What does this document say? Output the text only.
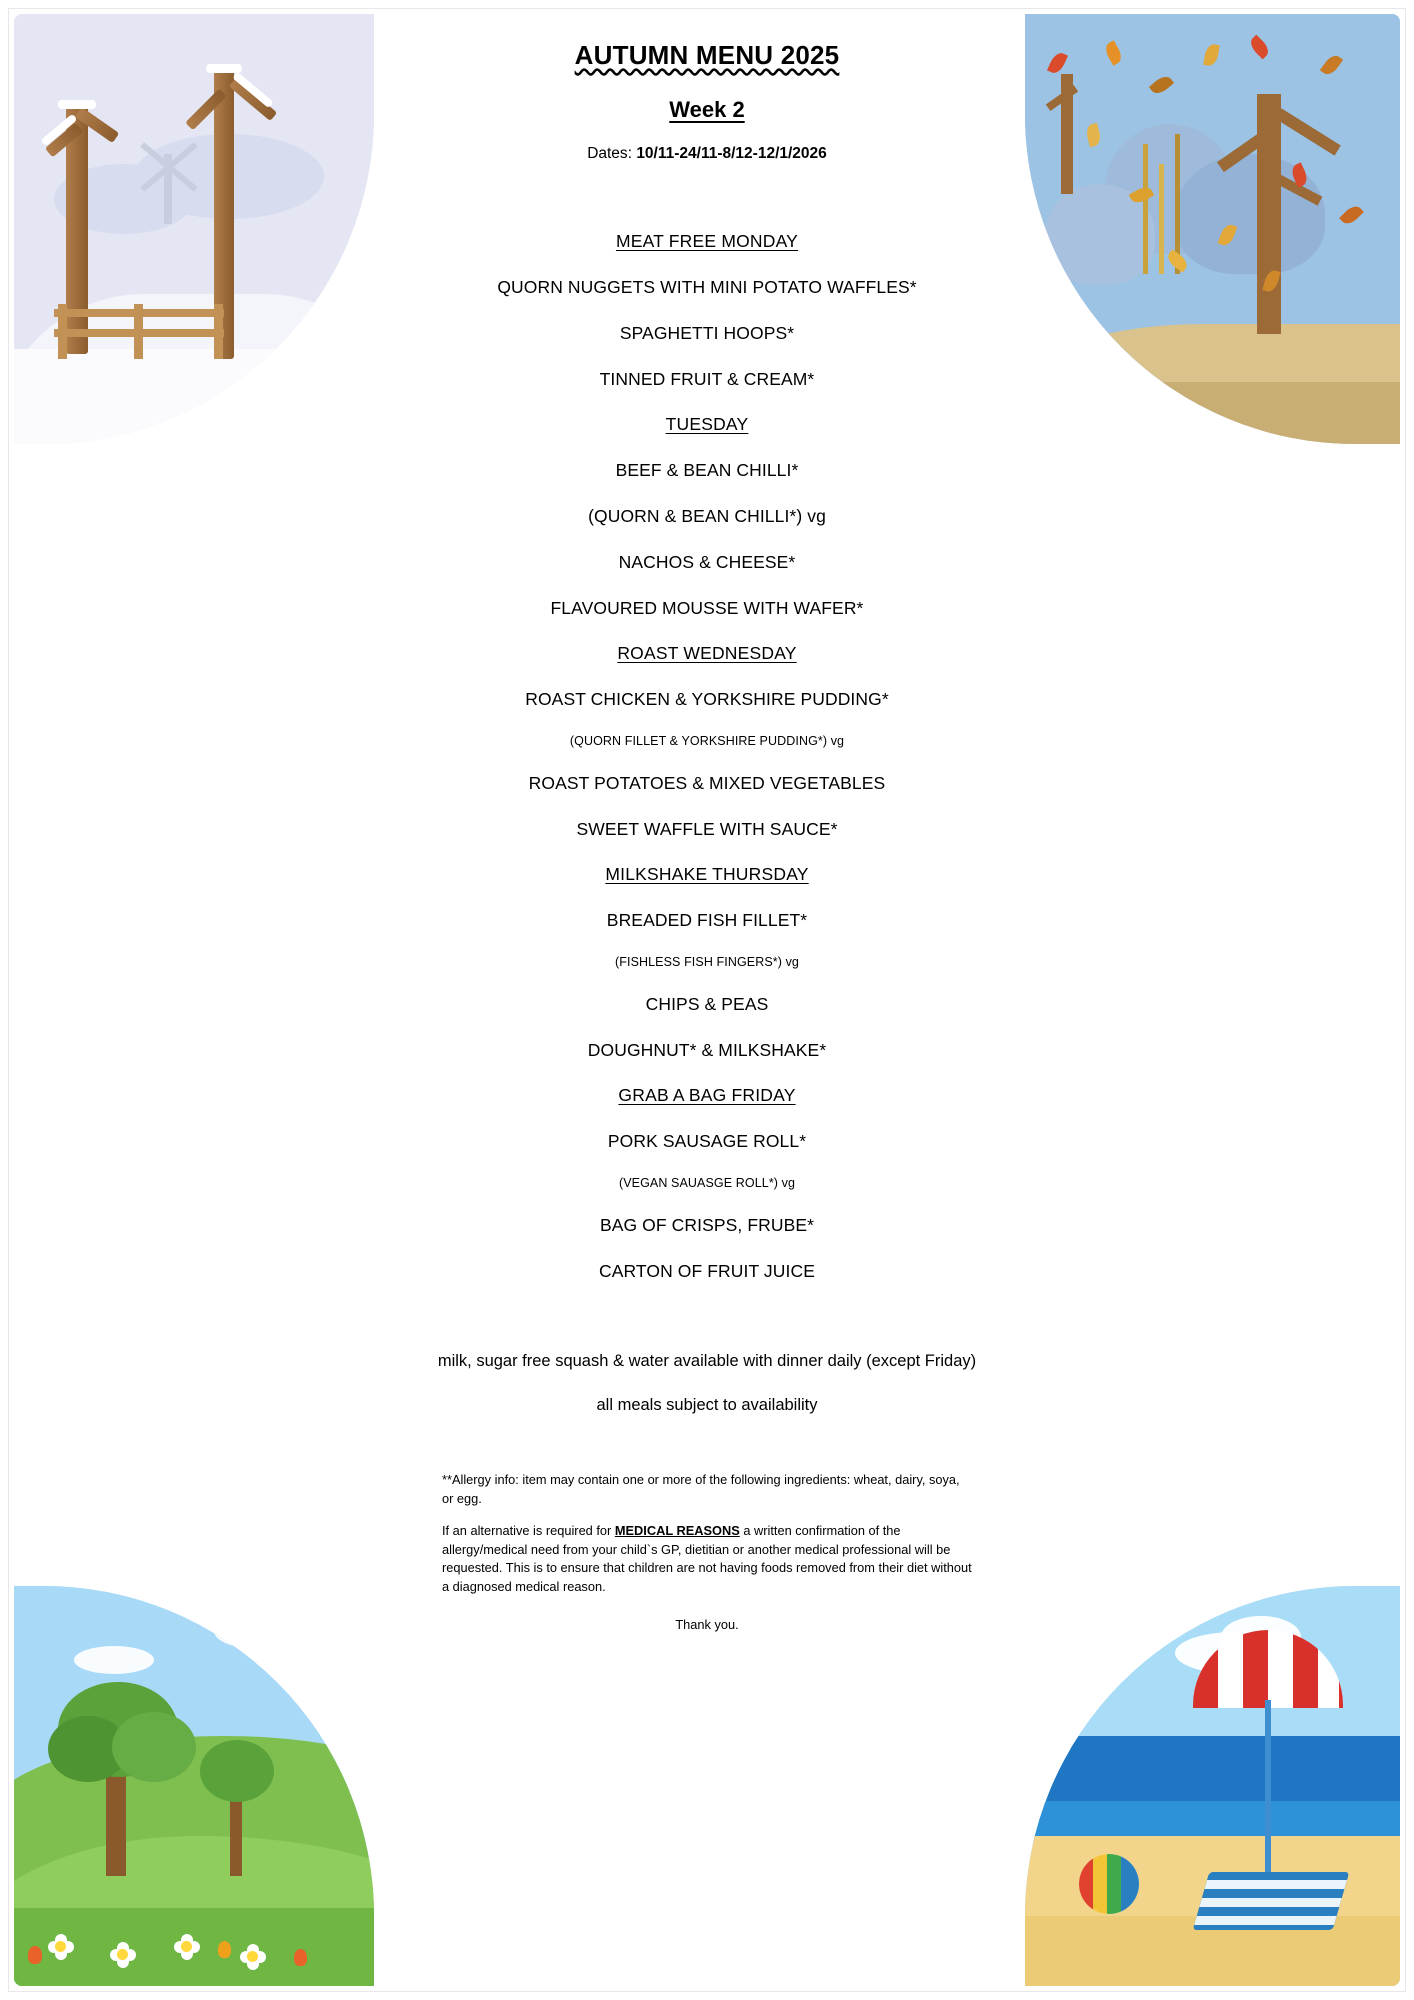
AUTUMN MENU 2025
Week 2
Dates: 10/11-24/11-8/12-12/1/2026
MEAT FREE MONDAY
QUORN NUGGETS WITH MINI POTATO WAFFLES*
SPAGHETTI HOOPS*
TINNED FRUIT & CREAM*
TUESDAY
BEEF & BEAN CHILLI*
(QUORN & BEAN CHILLI*) vg
NACHOS & CHEESE*
FLAVOURED MOUSSE WITH WAFER*
ROAST WEDNESDAY
ROAST CHICKEN & YORKSHIRE PUDDING*
(QUORN FILLET & YORKSHIRE PUDDING*) vg
ROAST POTATOES & MIXED VEGETABLES
SWEET WAFFLE WITH SAUCE*
MILKSHAKE THURSDAY
BREADED FISH FILLET*
(FISHLESS FISH FINGERS*) vg
CHIPS & PEAS
DOUGHNUT* & MILKSHAKE*
GRAB A BAG FRIDAY
PORK SAUSAGE ROLL*
(VEGAN SAUASGE ROLL*) vg
BAG OF CRISPS, FRUBE*
CARTON OF FRUIT JUICE
milk, sugar free squash & water available with dinner daily (except Friday)
all meals subject to availability

**Allergy info: item may contain one or more of the following ingredients: wheat, dairy, soya, or egg.

If an alternative is required for MEDICAL REASONS a written confirmation of the allergy/medical need from your child`s GP, dietitian or another medical professional will be requested. This is to ensure that children are not having foods removed from their diet without a diagnosed medical reason.

Thank you.
